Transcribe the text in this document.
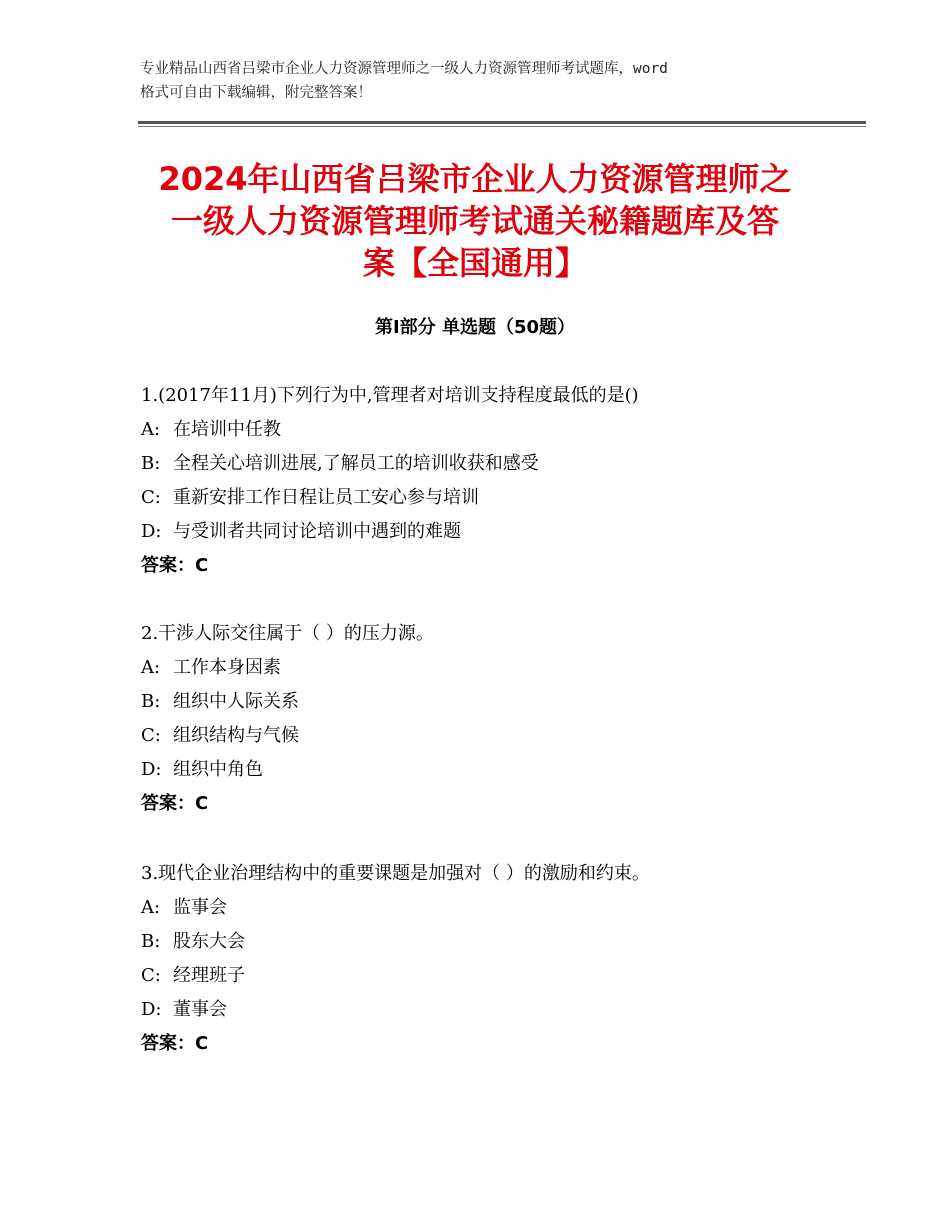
专业精品山西省吕梁市企业人力资源管理师之一级人力资源管理师考试题库，word
格式可自由下载编辑，附完整答案！
2024年山西省吕梁市企业人力资源管理师之
一级人力资源管理师考试通关秘籍题库及答
案【全国通用】
第Ⅰ部分 单选题（50题）
1.(2017年11月)下列行为中,管理者对培训支持程度最低的是()
A: 在培训中任教
B: 全程关心培训进展,了解员工的培训收获和感受
C: 重新安排工作日程让员工安心参与培训
D: 与受训者共同讨论培训中遇到的难题
答案：C
2.干涉人际交往属于（ ）的压力源。
A: 工作本身因素
B: 组织中人际关系
C: 组织结构与气候
D: 组织中角色
答案：C
3.现代企业治理结构中的重要课题是加强对（ ）的激励和约束。
A: 监事会
B: 股东大会
C: 经理班子
D: 董事会
答案：C
